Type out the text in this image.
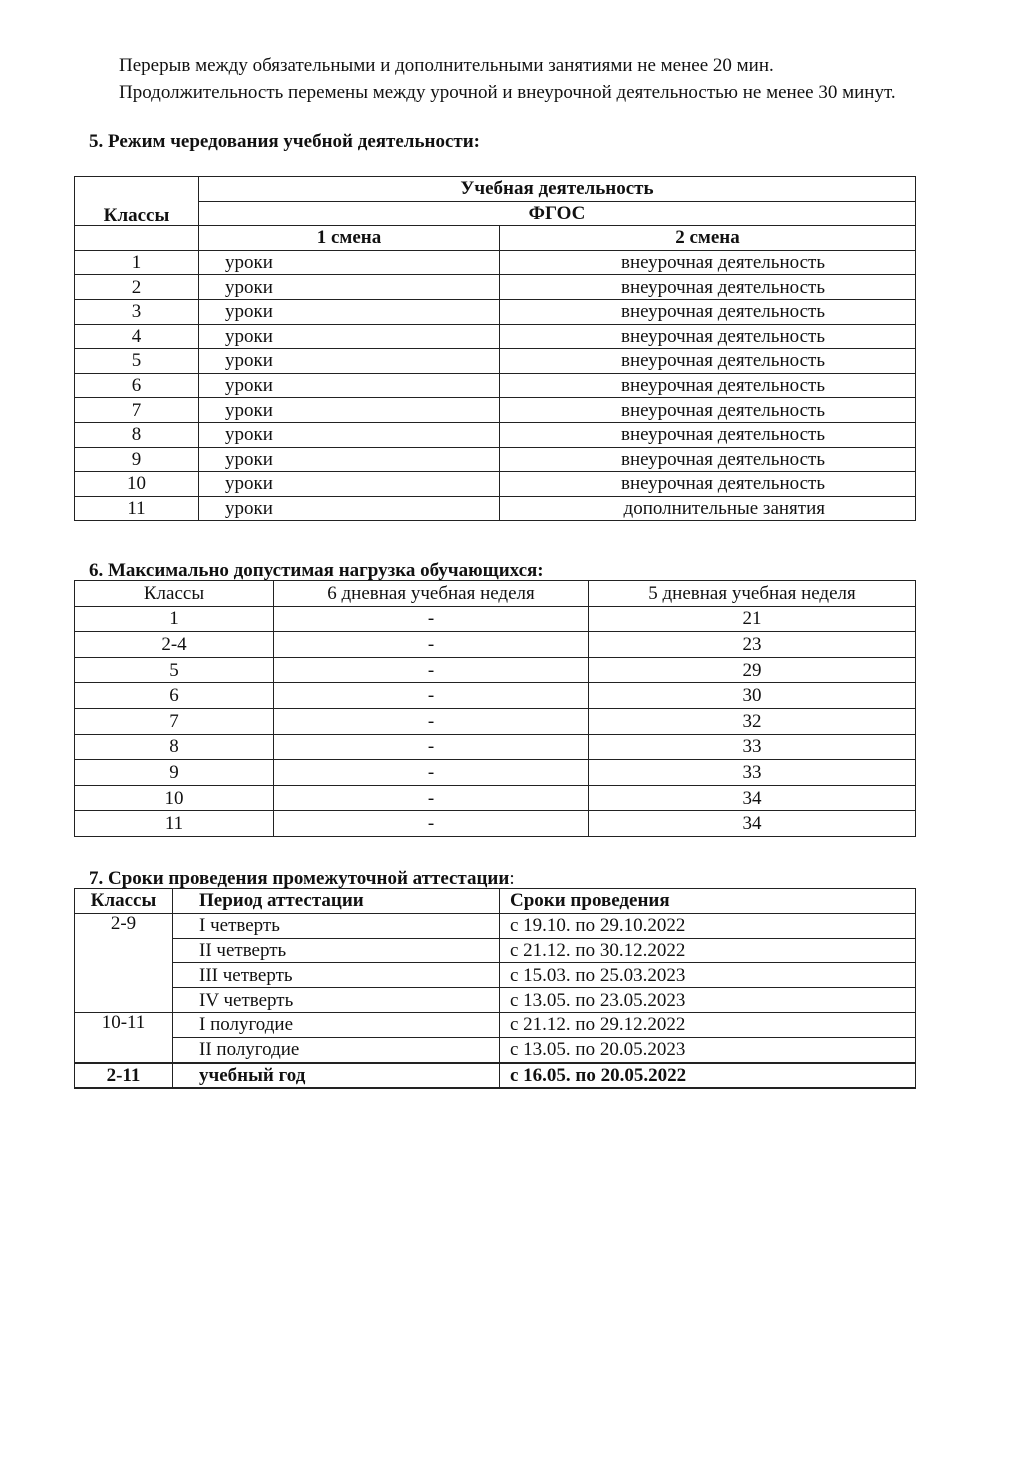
Перерыв между обязательными и дополнительными занятиями не менее 20 мин.
Продолжительность перемены между урочной и внеурочной деятельностью не менее 30 минут.
5. Режим чередования учебной деятельности:
Классы	Учебная деятельность	
	ФГОС	
	1 смена	2 смена
1	уроки	внеурочная деятельность
2	уроки	внеурочная деятельность
3	уроки	внеурочная деятельность
4	уроки	внеурочная деятельность
5	уроки	внеурочная деятельность
6	уроки	внеурочная деятельность
7	уроки	внеурочная деятельность
8	уроки	внеурочная деятельность
9	уроки	внеурочная деятельность
10	уроки	внеурочная деятельность
11	уроки	дополнительные занятия
6. Максимально допустимая нагрузка обучающихся:
Классы	6 дневная учебная неделя	5 дневная учебная неделя
1	-	21
2-4	-	23
5	-	29
6	-	30
7	-	32
8	-	33
9	-	33
10	-	34
11	-	34
7. Сроки проведения промежуточной аттестации:
Классы	Период аттестации	Сроки проведения
2-9	I четверть	с 19.10. по 29.10.2022
	II четверть	с 21.12. по 30.12.2022
	III четверть	с 15.03. по 25.03.2023
	IV четверть	с 13.05. по 23.05.2023
10-11	I полугодие	с 21.12. по 29.12.2022
	II полугодие	с 13.05. по 20.05.2023
2-11	учебный год	с 16.05. по 20.05.2022
